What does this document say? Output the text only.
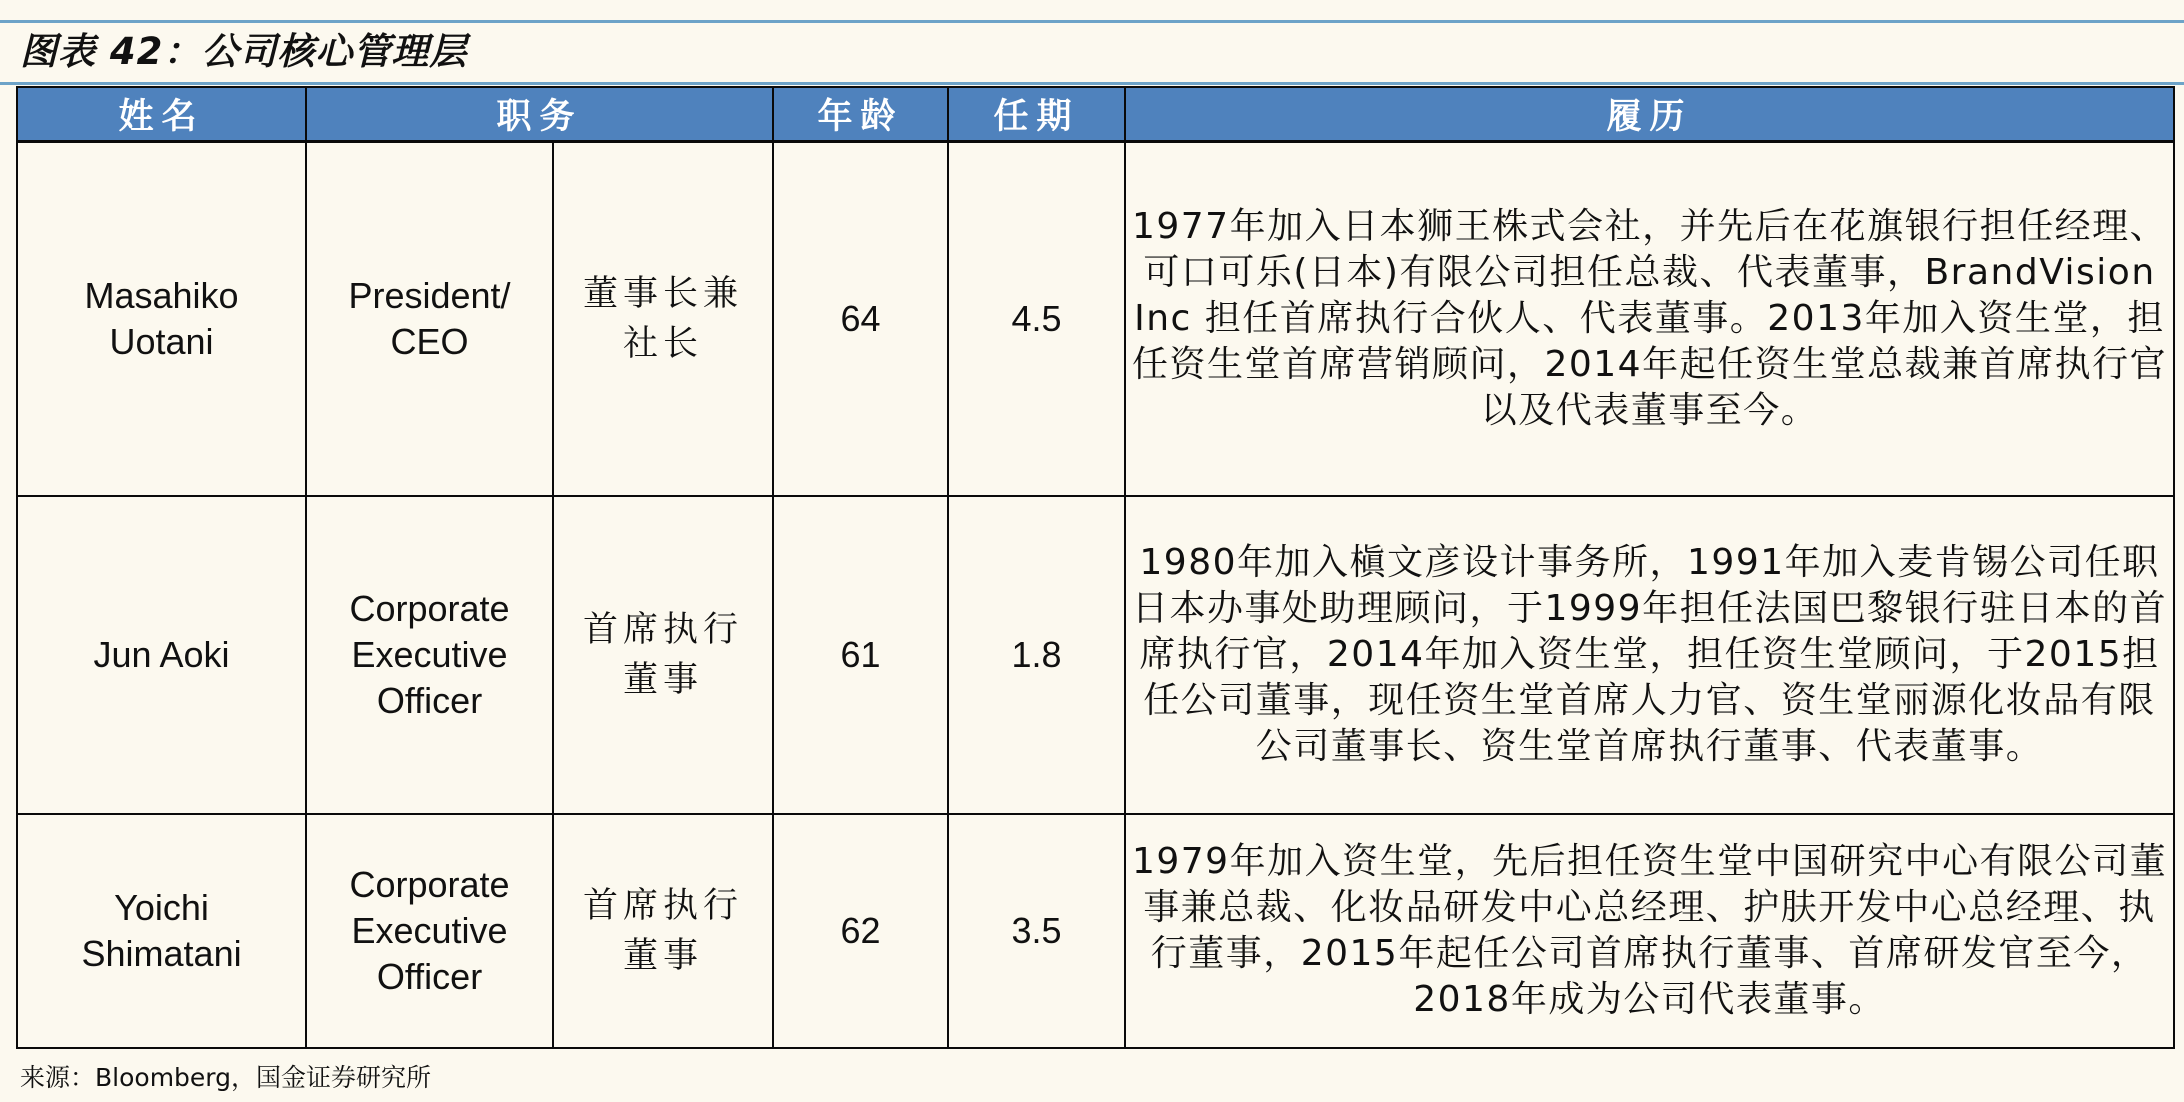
图表 42：公司核心管理层
姓名	职务		年龄	任期	履历

Masahiko Uotani	President/ CEO	董事长兼社长	64	4.5	1977年加入日本狮王株式会社，并先后在花旗银行担任经理、可口可乐(日本)有限公司担任总裁、代表董事，BrandVision Inc 担任首席执行合伙人、代表董事。2013年加入资生堂，担任资生堂首席营销顾问，2014年起任资生堂总裁兼首席执行官以及代表董事至今。

Jun Aoki	Corporate Executive Officer	首席执行董事	61	1.8	1980年加入槇文彦设计事务所，1991年加入麦肯锡公司任职日本办事处助理顾问，于1999年担任法国巴黎银行驻日本的首席执行官，2014年加入资生堂，担任资生堂顾问，于2015担任公司董事，现任资生堂首席人力官、资生堂丽源化妆品有限公司董事长、资生堂首席执行董事、代表董事。

Yoichi Shimatani	Corporate Executive Officer	首席执行董事	62	3.5	1979年加入资生堂，先后担任资生堂中国研究中心有限公司董事兼总裁、化妆品研发中心总经理、护肤开发中心总经理、执行董事，2015年起任公司首席执行董事、首席研发官至今，2018年成为公司代表董事。
来源：Bloomberg，国金证券研究所
